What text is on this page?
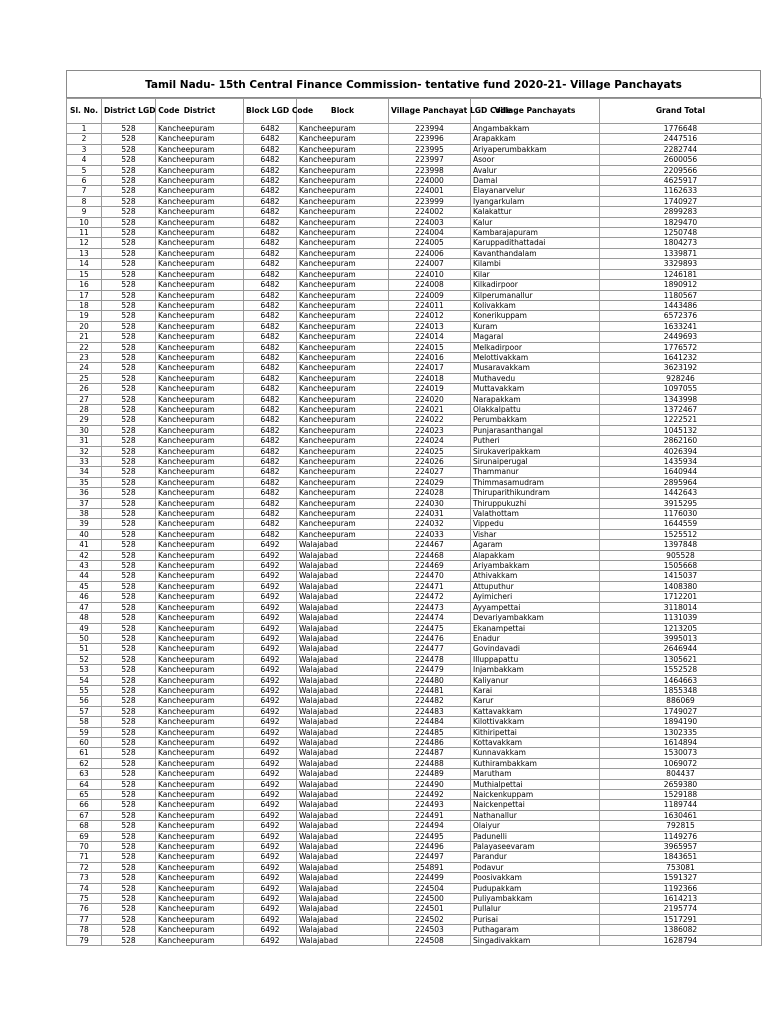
Tamil Nadu- 15th Central Finance Commission- tentative fund 2020-21- Village Panchayats
Sl. No.	District LGD Code	District	Block LGD Code	Block	Village Panchayat LGD Code	Village Panchayats	Grand Total
1	528	Kancheepuram	6482	Kancheepuram	223994	Angambakkam	1776648
2	528	Kancheepuram	6482	Kancheepuram	223996	Arapakkam	2447516
3	528	Kancheepuram	6482	Kancheepuram	223995	Ariyaperumbakkam	2282744
4	528	Kancheepuram	6482	Kancheepuram	223997	Asoor	2600056
5	528	Kancheepuram	6482	Kancheepuram	223998	Avalur	2209566
6	528	Kancheepuram	6482	Kancheepuram	224000	Damal	4625917
7	528	Kancheepuram	6482	Kancheepuram	224001	Elayanarvelur	1162633
8	528	Kancheepuram	6482	Kancheepuram	223999	Iyangarkulam	1740927
9	528	Kancheepuram	6482	Kancheepuram	224002	Kalakattur	2899283
10	528	Kancheepuram	6482	Kancheepuram	224003	Kalur	1829470
11	528	Kancheepuram	6482	Kancheepuram	224004	Kambarajapuram	1250748
12	528	Kancheepuram	6482	Kancheepuram	224005	Karuppadithattadai	1804273
13	528	Kancheepuram	6482	Kancheepuram	224006	Kavanthandalam	1339871
14	528	Kancheepuram	6482	Kancheepuram	224007	Kilambi	3329893
15	528	Kancheepuram	6482	Kancheepuram	224010	Kilar	1246181
16	528	Kancheepuram	6482	Kancheepuram	224008	Kilkadirpoor	1890912
17	528	Kancheepuram	6482	Kancheepuram	224009	Kilperumanallur	1180567
18	528	Kancheepuram	6482	Kancheepuram	224011	Kolivakkam	1443486
19	528	Kancheepuram	6482	Kancheepuram	224012	Konerikuppam	6572376
20	528	Kancheepuram	6482	Kancheepuram	224013	Kuram	1633241
21	528	Kancheepuram	6482	Kancheepuram	224014	Magaral	2449693
22	528	Kancheepuram	6482	Kancheepuram	224015	Melkadirpoor	1776572
23	528	Kancheepuram	6482	Kancheepuram	224016	Melottivakkam	1641232
24	528	Kancheepuram	6482	Kancheepuram	224017	Musaravakkam	3623192
25	528	Kancheepuram	6482	Kancheepuram	224018	Muthavedu	928246
26	528	Kancheepuram	6482	Kancheepuram	224019	Muttavakkam	1097055
27	528	Kancheepuram	6482	Kancheepuram	224020	Narapakkam	1343998
28	528	Kancheepuram	6482	Kancheepuram	224021	Olakkalpattu	1372467
29	528	Kancheepuram	6482	Kancheepuram	224022	Perumbakkam	1222521
30	528	Kancheepuram	6482	Kancheepuram	224023	Punjarasanthangal	1045132
31	528	Kancheepuram	6482	Kancheepuram	224024	Putheri	2862160
32	528	Kancheepuram	6482	Kancheepuram	224025	Sirukaveripakkam	4026394
33	528	Kancheepuram	6482	Kancheepuram	224026	Sirunaiperugal	1435934
34	528	Kancheepuram	6482	Kancheepuram	224027	Thammanur	1640944
35	528	Kancheepuram	6482	Kancheepuram	224029	Thimmasamudram	2895964
36	528	Kancheepuram	6482	Kancheepuram	224028	Thiruparithikundram	1442643
37	528	Kancheepuram	6482	Kancheepuram	224030	Thiruppukuzhi	3915295
38	528	Kancheepuram	6482	Kancheepuram	224031	Valathottam	1176030
39	528	Kancheepuram	6482	Kancheepuram	224032	Vippedu	1644559
40	528	Kancheepuram	6482	Kancheepuram	224033	Vishar	1525512
41	528	Kancheepuram	6492	Walajabad	224467	Agaram	1397848
42	528	Kancheepuram	6492	Walajabad	224468	Alapakkam	905528
43	528	Kancheepuram	6492	Walajabad	224469	Ariyambakkam	1505668
44	528	Kancheepuram	6492	Walajabad	224470	Athivakkam	1415037
45	528	Kancheepuram	6492	Walajabad	224471	Attuputhur	1408380
46	528	Kancheepuram	6492	Walajabad	224472	Ayimicheri	1712201
47	528	Kancheepuram	6492	Walajabad	224473	Ayyampettai	3118014
48	528	Kancheepuram	6492	Walajabad	224474	Devariyambakkam	1131039
49	528	Kancheepuram	6492	Walajabad	224475	Ekanampettai	1213205
50	528	Kancheepuram	6492	Walajabad	224476	Enadur	3995013
51	528	Kancheepuram	6492	Walajabad	224477	Govindavadi	2646944
52	528	Kancheepuram	6492	Walajabad	224478	Illuppapattu	1305621
53	528	Kancheepuram	6492	Walajabad	224479	Injambakkam	1552528
54	528	Kancheepuram	6492	Walajabad	224480	Kaliyanur	1464663
55	528	Kancheepuram	6492	Walajabad	224481	Karai	1855348
56	528	Kancheepuram	6492	Walajabad	224482	Karur	886069
57	528	Kancheepuram	6492	Walajabad	224483	Kattavakkam	1749027
58	528	Kancheepuram	6492	Walajabad	224484	Kilottivakkam	1894190
59	528	Kancheepuram	6492	Walajabad	224485	Kithiripettai	1302335
60	528	Kancheepuram	6492	Walajabad	224486	Kottavakkam	1614894
61	528	Kancheepuram	6492	Walajabad	224487	Kunnavakkam	1530073
62	528	Kancheepuram	6492	Walajabad	224488	Kuthirambakkam	1069072
63	528	Kancheepuram	6492	Walajabad	224489	Marutham	804437
64	528	Kancheepuram	6492	Walajabad	224490	Muthialpettai	2659380
65	528	Kancheepuram	6492	Walajabad	224492	Naickenkuppam	1529188
66	528	Kancheepuram	6492	Walajabad	224493	Naickenpettai	1189744
67	528	Kancheepuram	6492	Walajabad	224491	Nathanallur	1630461
68	528	Kancheepuram	6492	Walajabad	224494	Olaiyur	792815
69	528	Kancheepuram	6492	Walajabad	224495	Padunelli	1149276
70	528	Kancheepuram	6492	Walajabad	224496	Palayaseevaram	3965957
71	528	Kancheepuram	6492	Walajabad	224497	Parandur	1843651
72	528	Kancheepuram	6492	Walajabad	254891	Podavur	753081
73	528	Kancheepuram	6492	Walajabad	224499	Poosivakkam	1591327
74	528	Kancheepuram	6492	Walajabad	224504	Pudupakkam	1192366
75	528	Kancheepuram	6492	Walajabad	224500	Puliyambakkam	1614213
76	528	Kancheepuram	6492	Walajabad	224501	Pullalur	2195774
77	528	Kancheepuram	6492	Walajabad	224502	Purisai	1517291
78	528	Kancheepuram	6492	Walajabad	224503	Puthagaram	1386082
79	528	Kancheepuram	6492	Walajabad	224508	Singadivakkam	1628794
